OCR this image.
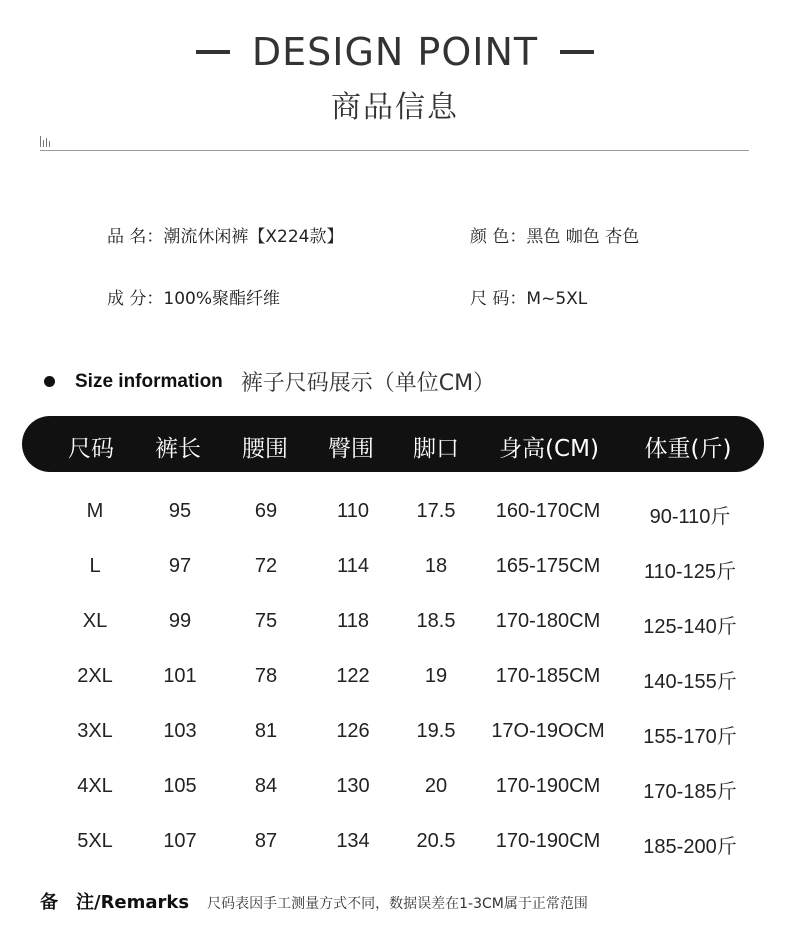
DESIGN POINT
商品信息
品 名：潮流休闲裤【X224款】	颜 色：黑色 咖色 杏色
成 分：100%聚酯纤维	尺 码：M~5XL
Size information 裤子尺码展示（单位CM）
尺码 裤长 腰围 臀围 脚口 身高(CM) 体重(斤)
M	95	69	110 17.5 160-170CM 90-110斤
L	97	72	114	18 165-175CM 110-125斤
XL	99	75	118 18.5 170-180CM 125-140斤
2XL	101	78	122	19 170-185CM 140-155斤
3XL	103	81	126 19.5 17O-19OCM 155-170斤
4XL	105	84	130	20 170-190CM 170-185斤
5XL	107	87	134 20.5 170-190CM 185-200斤
备　注/Remarks 尺码表因手工测量方式不同，数据误差在1-3CM属于正常范围
